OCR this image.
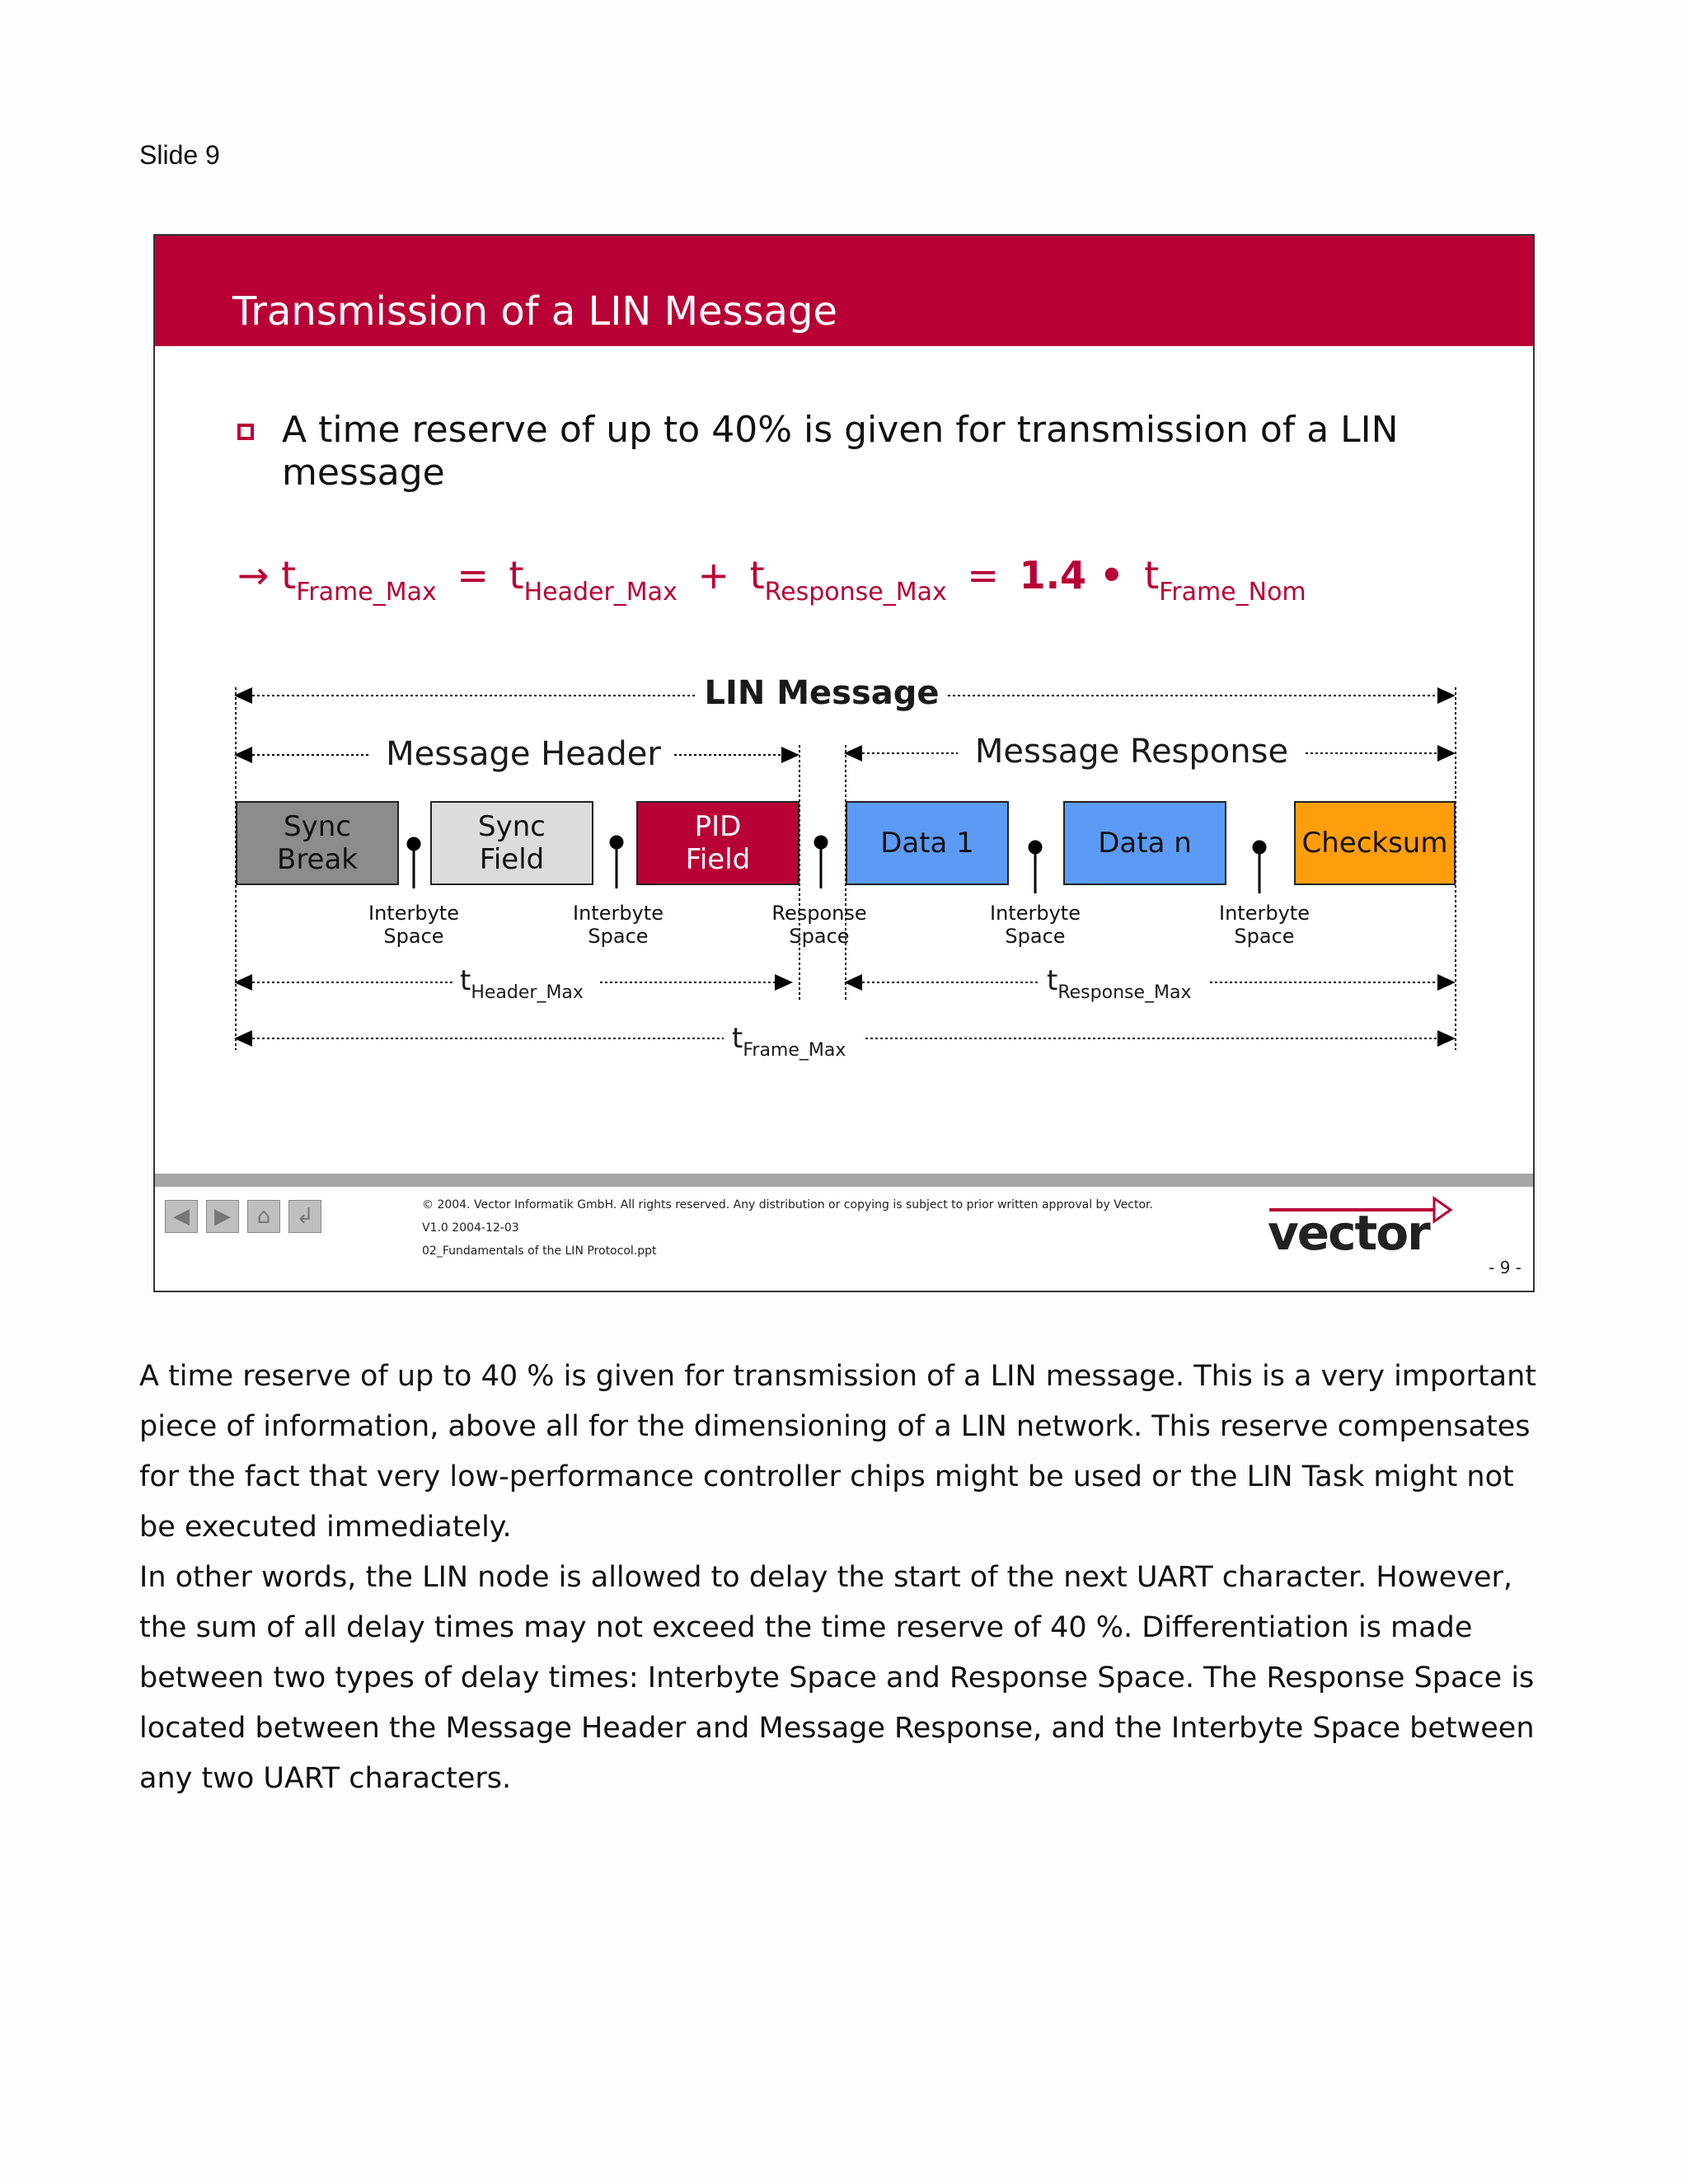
Slide 9
Transmission of a LIN Message
A time reserve of up to 40% is given for transmission of a LIN message
→ tFrame_Max = tHeader_Max + tResponse_Max = 1.4 • tFrame_Nom
LIN Message
Message Header	Message Response
Sync Break
Sync Field
PID Field	Data 1	Data n	Checksum
Interbyte Space
Interbyte Space
Response Space
Interbyte Space
Interbyte Space
$t_{Header\_Max}$	$t_{Response\_Max}$
$t_{Frame\_Max}$
◀	▶	⌂	↲	© 2004. Vector Informatik GmbH. All rights reserved. Any distribution or copying is subject to prior written approval by Vector.
V1.0 2004-12-03
02_Fundamentals of the LIN Protocol.ppt	vector
- 9 -

A time reserve of up to 40 % is given for transmission of a LIN message. This is a very important piece of information, above all for the dimensioning of a LIN network. This reserve compensates for the fact that very low-performance controller chips might be used or the LIN Task might not be executed immediately.

In other words, the LIN node is allowed to delay the start of the next UART character. However, the sum of all delay times may not exceed the time reserve of 40 %. Differentiation is made between two types of delay times: Interbyte Space and Response Space. The Response Space is located between the Message Header and Message Response, and the Interbyte Space between any two UART characters.
